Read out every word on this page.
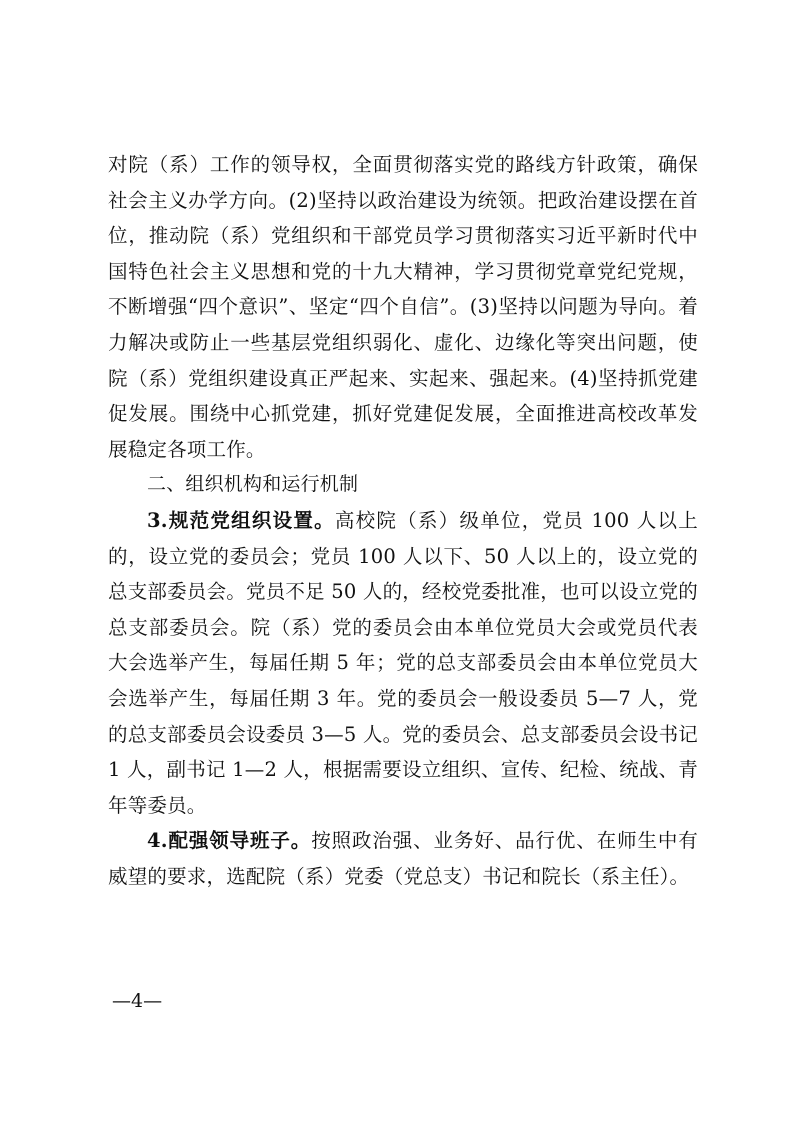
对院（系）工作的领导权，全面贯彻落实党的路线方针政策，确保社会主义办学方向。(2)坚持以政治建设为统领。把政治建设摆在首位，推动院（系）党组织和干部党员学习贯彻落实习近平新时代中国特色社会主义思想和党的十九大精神，学习贯彻党章党纪党规，不断增强“四个意识”、坚定“四个自信”。(3)坚持以问题为导向。着力解决或防止一些基层党组织弱化、虚化、边缘化等突出问题，使院（系）党组织建设真正严起来、实起来、强起来。(4)坚持抓党建促发展。围绕中心抓党建，抓好党建促发展，全面推进高校改革发展稳定各项工作。

二、组织机构和运行机制

3.规范党组织设置。高校院（系）级单位，党员 100 人以上的，设立党的委员会；党员 100 人以下、50 人以上的，设立党的总支部委员会。党员不足 50 人的，经校党委批准，也可以设立党的总支部委员会。院（系）党的委员会由本单位党员大会或党员代表大会选举产生，每届任期 5 年；党的总支部委员会由本单位党员大会选举产生，每届任期 3 年。党的委员会一般设委员 5—7 人，党的总支部委员会设委员 3—5 人。党的委员会、总支部委员会设书记 1 人，副书记 1—2 人，根据需要设立组织、宣传、纪检、统战、青年等委员。

4.配强领导班子。按照政治强、业务好、品行优、在师生中有威望的要求，选配院（系）党委（党总支）书记和院长（系主任）。

—4—
